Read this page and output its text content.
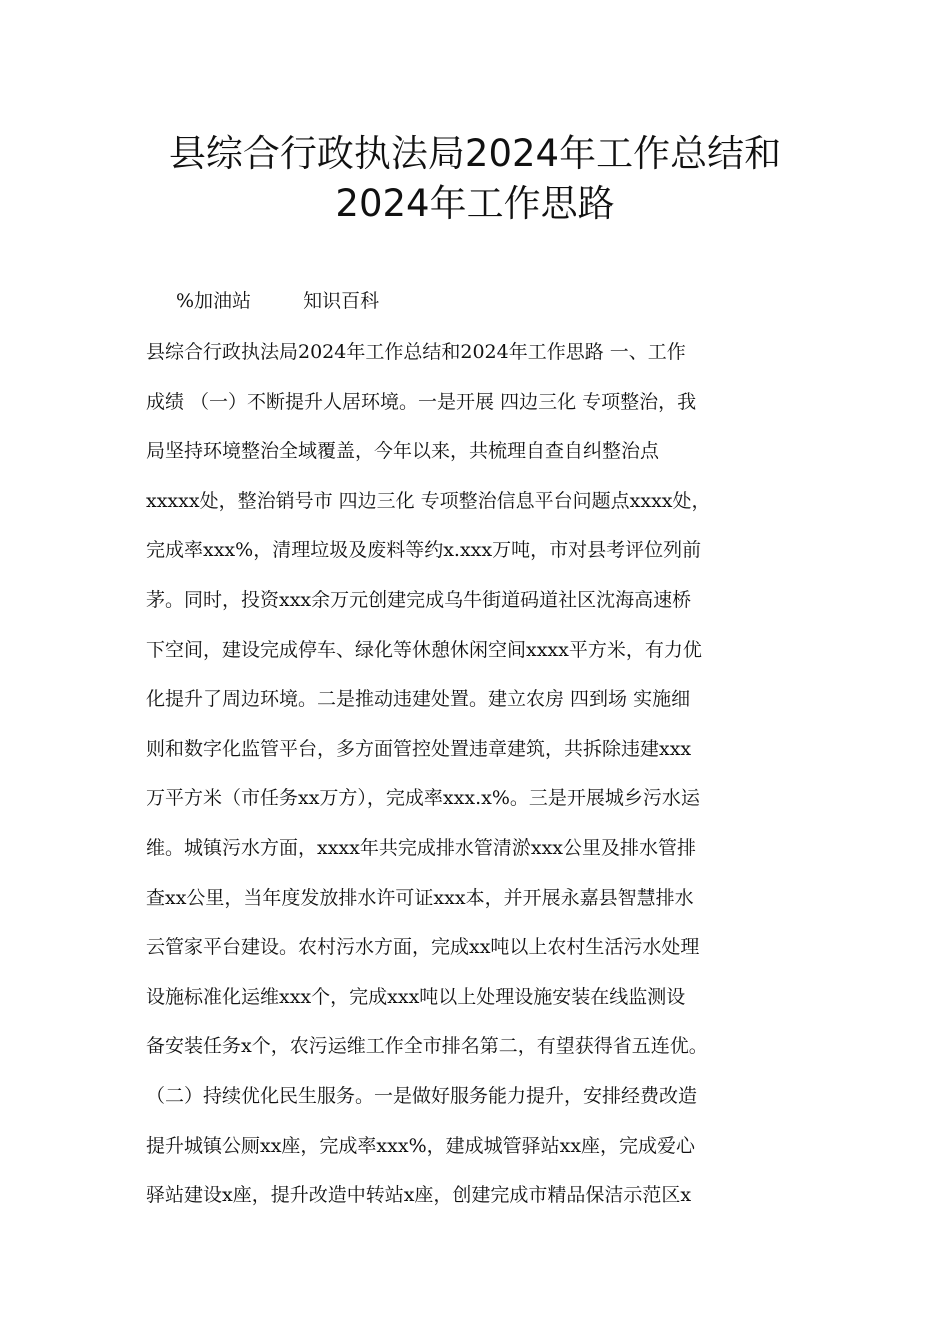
县综合行政执法局2024年工作总结和
2024年工作思路
%加油站	知识百科
县综合行政执法局2024年工作总结和2024年工作思路 一、工作
成绩 （一）不断提升人居环境。一是开展 四边三化 专项整治，我
局坚持环境整治全域覆盖，今年以来，共梳理自查自纠整治点
xxxxx处，整治销号市 四边三化 专项整治信息平台问题点xxxx处，
完成率xxx%，清理垃圾及废料等约x.xxx万吨，市对县考评位列前
茅。同时，投资xxx余万元创建完成乌牛街道码道社区沈海高速桥
下空间，建设完成停车、绿化等休憩休闲空间xxxx平方米，有力优
化提升了周边环境。二是推动违建处置。建立农房 四到场 实施细
则和数字化监管平台，多方面管控处置违章建筑，共拆除违建xxx
万平方米（市任务xx万方），完成率xxx.x%。三是开展城乡污水运
维。城镇污水方面，xxxx年共完成排水管清淤xxx公里及排水管排
查xx公里，当年度发放排水许可证xxx本，并开展永嘉县智慧排水
云管家平台建设。农村污水方面，完成xx吨以上农村生活污水处理
设施标准化运维xxx个，完成xxx吨以上处理设施安装在线监测设
备安装任务x个，农污运维工作全市排名第二，有望获得省五连优。
（二）持续优化民生服务。一是做好服务能力提升，安排经费改造
提升城镇公厕xx座，完成率xxx%，建成城管驿站xx座，完成爱心
驿站建设x座，提升改造中转站x座，创建完成市精品保洁示范区x
